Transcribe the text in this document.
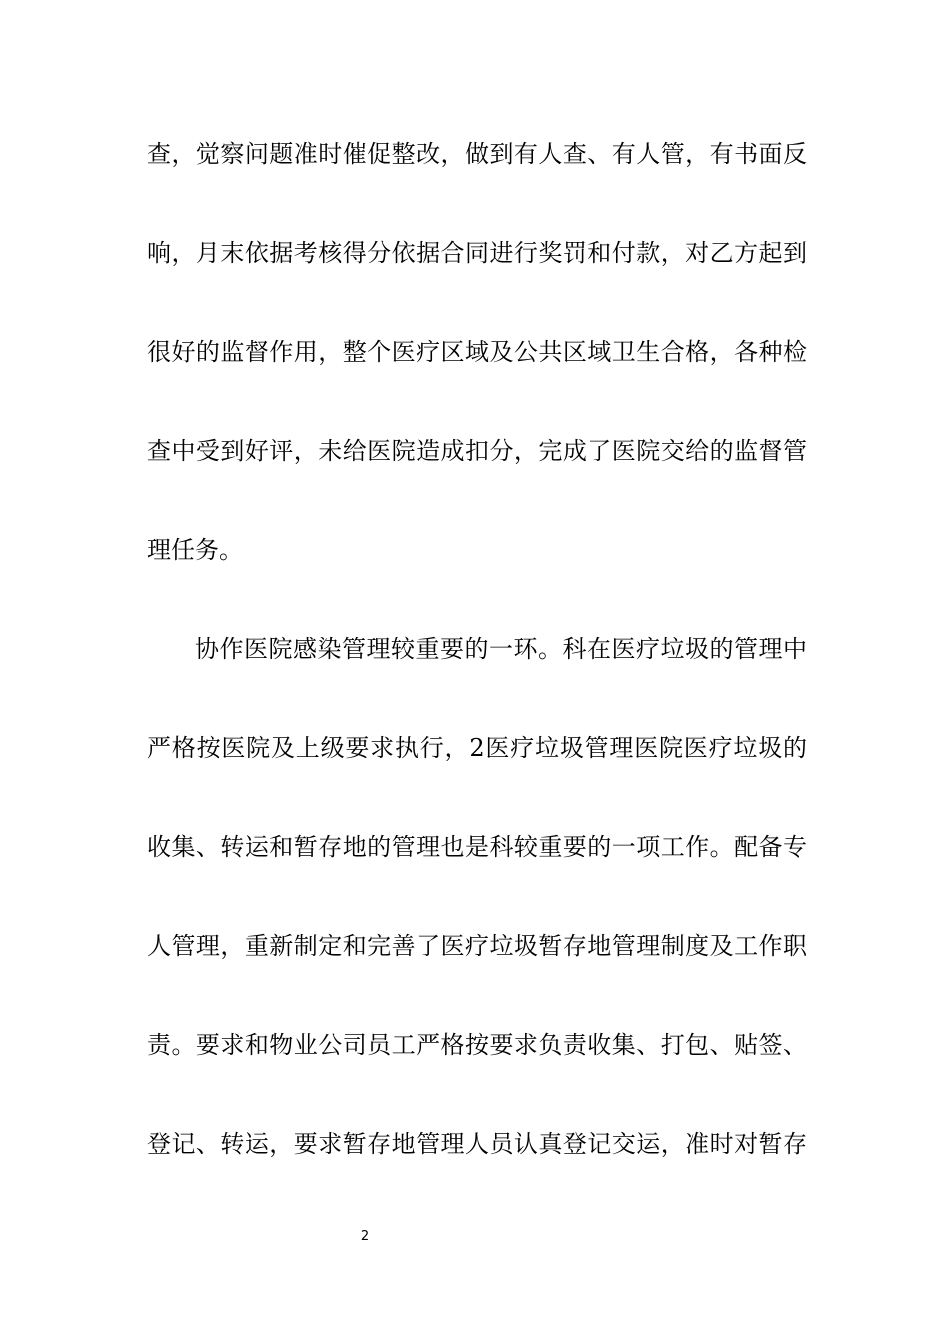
查，觉察问题准时催促整改，做到有人查、有人管，有书面反
响，月末依据考核得分依据合同进行奖罚和付款，对乙方起到
很好的监督作用，整个医疗区域及公共区域卫生合格，各种检
查中受到好评，未给医院造成扣分，完成了医院交给的监督管
理任务。
协作医院感染管理较重要的一环。科在医疗垃圾的管理中
严格按医院及上级要求执行，2医疗垃圾管理医院医疗垃圾的
收集、转运和暂存地的管理也是科较重要的一项工作。配备专
人管理，重新制定和完善了医疗垃圾暂存地管理制度及工作职
责。要求和物业公司员工严格按要求负责收集、打包、贴签、
登记、转运，要求暂存地管理人员认真登记交运，准时对暂存
2
